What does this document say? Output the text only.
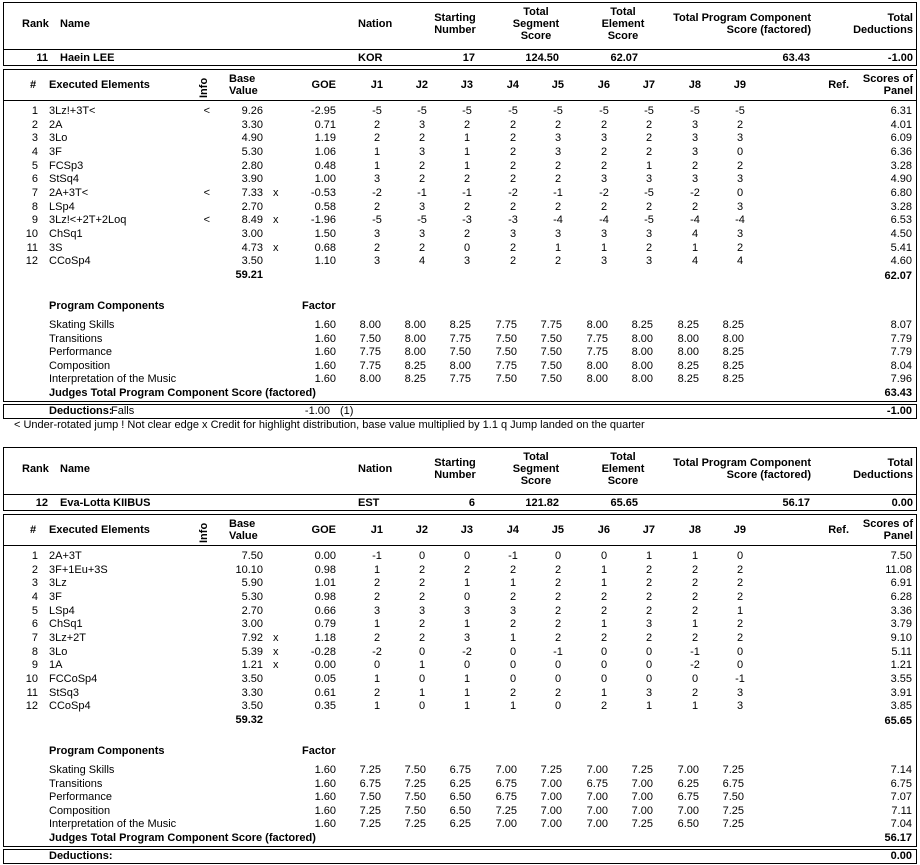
Rank Name	Nation	Starting
Number
Total
Segment
Score
Total
Element
Score
Total Program Component
Score (factored)
Total
Deductions
11 Haein LEE	KOR	17	124.50	62.07	63.43	-1.00
# Executed Elements	Info Base
Value	GOE	J1	J2	J3	J4	J5	J6	J7	J8	J9	Ref.	Scores of
Panel
1 3Lz!+3T<	<	9.26	-2.95	-5	-5	-5	-5	-5	-5	-5	-5	-5	6.31
2 2A	3.30	0.71	2	3	2	2	2	2	2	3	2	4.01
3 3Lo	4.90	1.19	2	2	1	2	3	3	2	3	3	6.09
4 3F	5.30	1.06	1	3	1	2	3	2	2	3	0	6.36
5 FCSp3	2.80	0.48	1	2	1	2	2	2	1	2	2	3.28
6 StSq4	3.90	1.00	3	2	2	2	2	3	3	3	3	4.90
7 2A+3T<	<	7.33 x	-0.53	-2	-1	-1	-2	-1	-2	-5	-2	0	6.80
8 LSp4	2.70	0.58	2	3	2	2	2	2	2	2	3	3.28
9 3Lz!<+2T+2Loq	<	8.49 x	-1.96	-5	-5	-3	-3	-4	-4	-5	-4	-4	6.53
10 ChSq1	3.00	1.50	3	3	2	3	3	3	3	4	3	4.50
11 3S	4.73 x	0.68	2	2	0	2	1	1	2	1	2	5.41
12 CCoSp4	3.50	1.10	3	4	3	2	2	3	3	4	4	4.60
59.21	62.07
Program Components	Factor
Skating Skills	1.60	8.00	8.00	8.25	7.75	7.75	8.00	8.25	8.25	8.25	8.07
Transitions	1.60	7.50	8.00	7.75	7.50	7.50	7.75	8.00	8.00	8.00	7.79
Performance	1.60	7.75	8.00	7.50	7.50	7.50	7.75	8.00	8.00	8.25	7.79
Composition	1.60	7.75	8.25	8.00	7.75	7.50	8.00	8.00	8.25	8.25	8.04
Interpretation of the Music	1.60	8.00	8.25	7.75	7.50	7.50	8.00	8.00	8.25	8.25	7.96
Judges Total Program Component Score (factored)	63.43
Deductions:
Falls	-1.00 (1)	-1.00
Rank Name	Nation	Starting
Number
Total
Segment
Score
Total
Element
Score
Total Program Component
Score (factored)
Total
Deductions
12 Eva-Lotta KIIBUS	EST	6	121.82	65.65	56.17	0.00
# Executed Elements	Info Base
Value	GOE	J1	J2	J3	J4	J5	J6	J7	J8	J9	Ref.	Scores of
Panel
1 2A+3T	7.50	0.00	-1	0	0	-1	0	0	1	1	0	7.50
2 3F+1Eu+3S	10.10	0.98	1	2	2	2	2	1	2	2	2	11.08
3 3Lz	5.90	1.01	2	2	1	1	2	1	2	2	2	6.91
4 3F	5.30	0.98	2	2	0	2	2	2	2	2	2	6.28
5 LSp4	2.70	0.66	3	3	3	3	2	2	2	2	1	3.36
6 ChSq1	3.00	0.79	1	2	1	2	2	1	3	1	2	3.79
7 3Lz+2T	7.92 x	1.18	2	2	3	1	2	2	2	2	2	9.10
8 3Lo	5.39 x	-0.28	-2	0	-2	0	-1	0	0	-1	0	5.11
9 1A	1.21 x	0.00	0	1	0	0	0	0	0	-2	0	1.21
10 FCCoSp4	3.50	0.05	1	0	1	0	0	0	0	0	-1	3.55
11 StSq3	3.30	0.61	2	1	1	2	2	1	3	2	3	3.91
12 CCoSp4	3.50	0.35	1	0	1	1	0	2	1	1	3	3.85
59.32	65.65
Program Components	Factor
Skating Skills	1.60	7.25	7.50	6.75	7.00	7.25	7.00	7.25	7.00	7.25	7.14
Transitions	1.60	6.75	7.25	6.25	6.75	7.00	6.75	7.00	6.25	6.75	6.75
Performance	1.60	7.50	7.50	6.50	6.75	7.00	7.00	7.00	6.75	7.50	7.07
Composition	1.60	7.25	7.50	6.50	7.25	7.00	7.00	7.00	7.00	7.25	7.11
Interpretation of the Music	1.60	7.25	7.25	6.25	7.00	7.00	7.00	7.25	6.50	7.25	7.04
Judges Total Program Component Score (factored)	56.17
Deductions:	0.00
< Under-rotated jump ! Not clear edge x Credit for highlight distribution, base value multiplied by 1.1 q Jump landed on the quarter
